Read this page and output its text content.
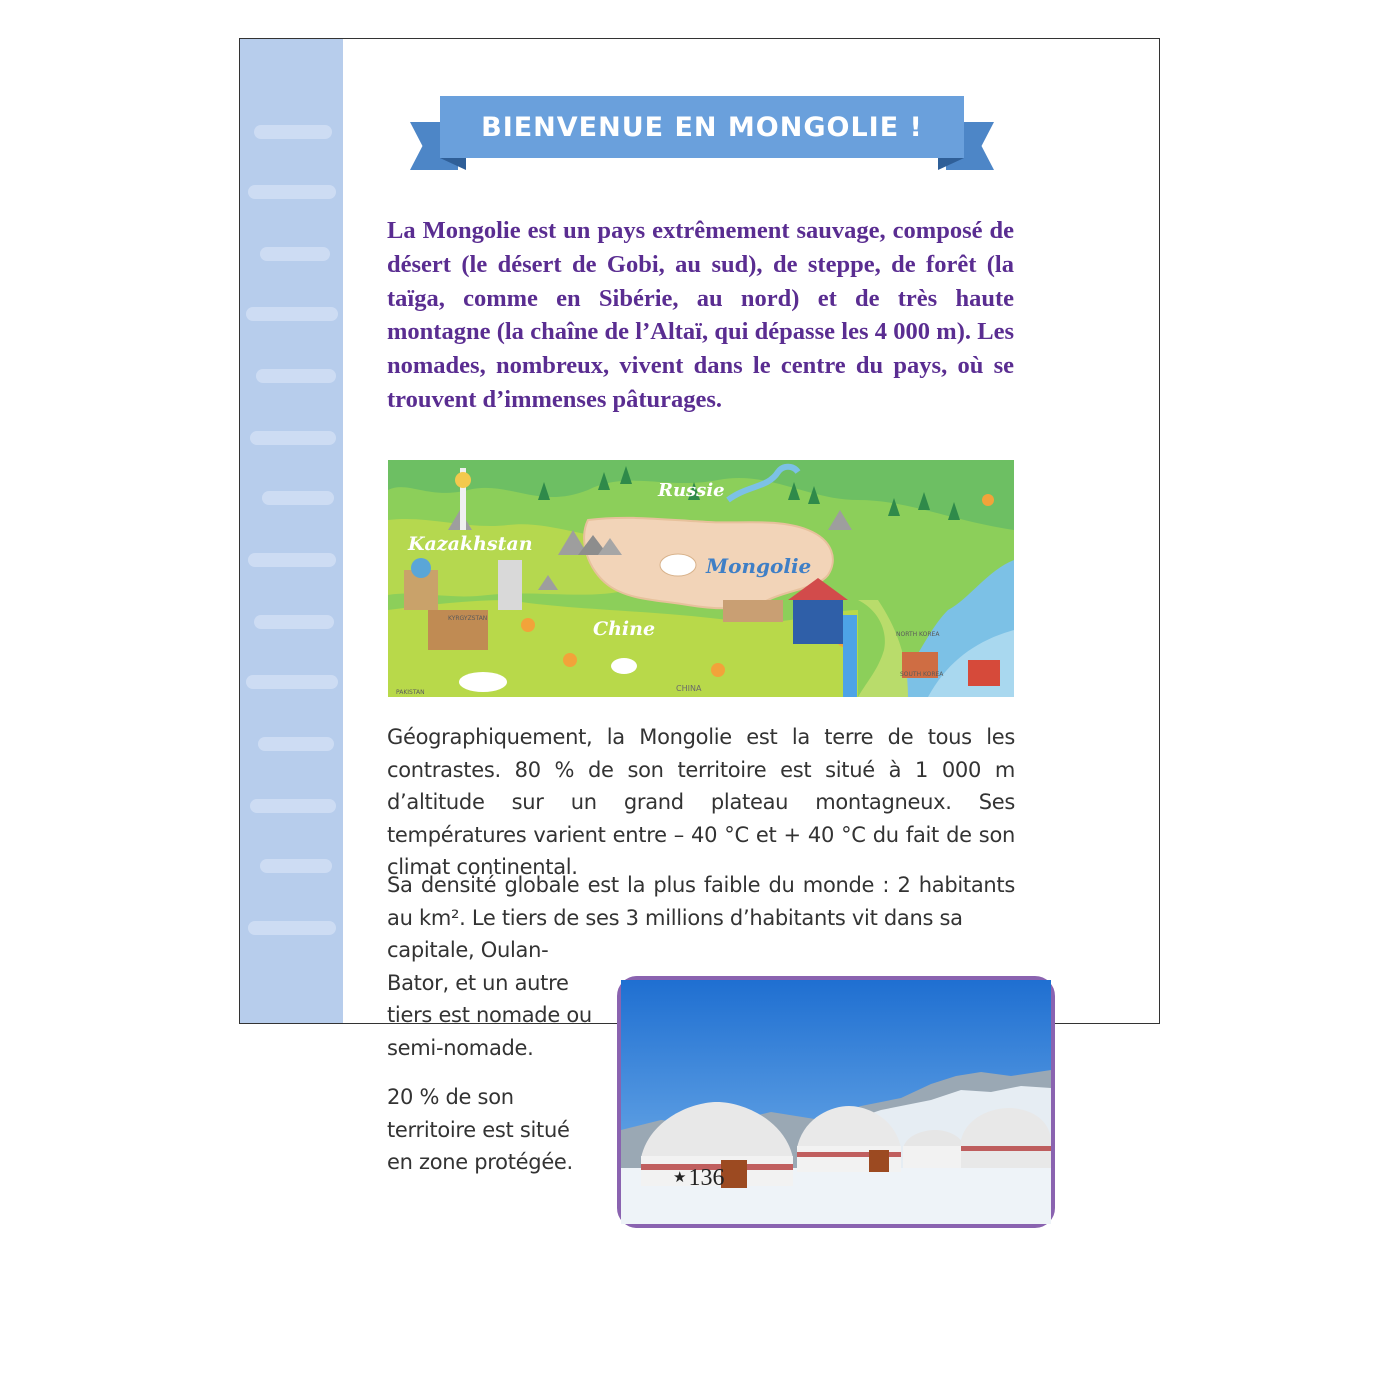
BIENVENUE EN MONGOLIE !

La Mongolie est un pays extrêmement sauvage, composé de désert (le désert de Gobi, au sud), de steppe, de forêt (la taïga, comme en Sibérie, au nord) et de très haute montagne (la chaîne de l’Altaï, qui dépasse les 4 000 m). Les nomades, nombreux, vivent dans le centre du pays, où se trouvent d’immenses pâturages.

Russie
Kazakhstan
Mongolie
Chine
CHINA
NORTH KOREA
SOUTH KOREA
KYRGYZSTAN
PAKISTAN

Géographiquement, la Mongolie est la terre de tous les contrastes. 80 % de son territoire est situé à 1 000 m d’altitude sur un grand plateau montagneux. Ses températures varient entre – 40 °C et + 40 °C du fait de son climat continental.

Sa densité globale est la plus faible du monde : 2 habitants au km². Le tiers de ses 3 millions d’habitants vit dans sa

capitale, Oulan-Bator, et un autre tiers est nomade ou semi-nomade.

20 % de son territoire est situé en zone protégée.

★136
